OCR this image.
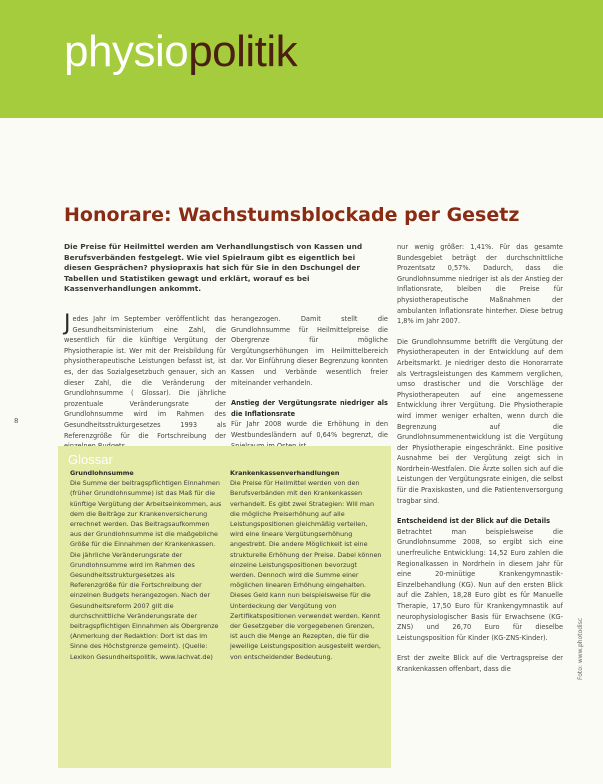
physiopolitik
Honorare: Wachstumsblockade per Gesetz
Die Preise für Heilmittel werden am Verhandlungstisch von Kassen und Berufsverbänden festgelegt. Wie viel Spielraum gibt es eigentlich bei diesen Gesprächen? physiopraxis hat sich für Sie in den Dschungel der Tabellen und Statistiken gewagt und erklärt, worauf es bei Kassenverhandlungen ankommt.
8

Jedes Jahr im September veröffentlicht das Gesundheitsministerium eine Zahl, die wesentlich für die künftige Vergütung der Physiotherapie ist. Wer mit der Preisbildung für physiotherapeutische Leistungen befasst ist, ist es, der das Sozialgesetzbuch genauer, sich an dieser Zahl, die die Veränderung der Grundlohnsumme ( Glossar). Die jährliche prozentuale Veränderungsrate der Grundlohnsumme wird im Rahmen des Gesundheitsstrukturgesetzes 1993 als Referenzgröße für die Fortschreibung der

herangezogen. Damit stellt die Grundlohnsumme für Heilmittelpreise die Obergrenze für mögliche Vergütungserhöhungen im Heilmittelbereich dar. Vor Einführung dieser Begrenzung konnten Kassen und Verbände wesentlich freier miteinander verhandeln.

Anstieg der Vergütungsrate niedriger als die Inflationsrate
Für Jahr 2008 wurde die Erhöhung in den Westbundesländern auf 0,64% begrenzt, die

nur wenig größer: 1,41%. Für das gesamte Bundesgebiet beträgt der durchschnittliche Prozentsatz 0,57%. Dadurch, dass die Grundlohnsumme niedriger ist als der Anstieg der Inflationsrate, bleiben die Preise für physiotherapeutische Maßnahmen der ambulanten Inflationsrate hinterher. Diese betrug 1,8% im Jahr 2007.

Die Grundlohnsumme betrifft die Vergütung der Physiotherapeuten in der Entwicklung auf dem Arbeitsmarkt. Je niedriger desto die Honorarrate als Vertragsleistungen des Kammern verglichen, umso drastischer und die Vorschläge der Physiotherapeuten auf eine angemessene Entwicklung ihrer Vergütung. Die Physiotherapie wird immer weniger erhalten, wenn durch die Begrenzung auf die Grundlohnsummenentwicklung ist die Vergütung der Physiotherapie eingeschränkt. Eine positive Ausnahme bei der Vergütung zeigt sich in Nordrhein-Westfalen. Die Ärzte sollen sich auf die Leistungen der Vergütungsrate einigen, die selbst für die Praxiskosten, und die Patientenversorgung tragbar sind.

Entscheidend ist der Blick auf die Details
Betrachtet man beispielsweise die Grundlohnsumme 2008, so ergibt sich eine unerfreuliche Entwicklung: 14,52 Euro zahlen die Regionalkassen in Nordrhein in diesem Jahr für eine 20-minütige Krankengymnastik-Einzelbehandlung (KG). Nun auf den ersten Blick auf die Zahlen, 18,28 Euro gibt es für Manuelle Therapie, 17,50 Euro für Krankengymnastik auf neurophysiologischer Basis für Erwachsene (KG-ZNS) und 26,70 Euro für dieselbe Leistungsposition für Kinder (KG-ZNS-Kinder).

Erst der zweite Blick auf die Vertragspreise der Krankenkassen offenbart, dass die

Glossar
Grundlohnsumme
Die Summe der beitragspflichtigen Einnahmen (früher Grundlohnsumme) ist das Maß für die künftige Vergütung der Arbeitseinkommen, aus dem die Beiträge zur Krankenversicherung errechnet werden. Das Beitragsaufkommen aus der Grundlohnsumme ist die maßgebliche Größe für die Einnahmen der Krankenkassen. Die jährliche Veränderungsrate der Grundlohnsumme wird im Rahmen des Gesundheitsstrukturgesetzes als Referenzgröße für die Fortschreibung der einzelnen Budgets herangezogen. Nach der Gesundheitsreform 2007 gilt die durchschnittliche Veränderungsrate der beitragspflichtigen Einnahmen als Obergrenze (Anmerkung der Redaktion: Dort ist das im Sinne des Höchstgrenze gemeint). (Quelle: Lexikon Gesundheitspolitik, www.lachvat.de)
Krankenkassenverhandlungen
Die Preise für Heilmittel werden von den Berufsverbänden mit den Krankenkassen verhandelt. Es gibt zwei Strategien: Will man die mögliche Preiserhöhung auf alle Leistungspositionen gleichmäßig verteilen, wird eine lineare Vergütungserhöhung angestrebt. Die andere Möglichkeit ist eine strukturelle Erhöhung der Preise. Dabei können einzelne Leistungspositionen bevorzugt werden. Dennoch wird die Summe einer möglichen linearen Erhöhung eingehalten. Dieses Geld kann nun beispielsweise für die Unterdeckung der Vergütung von Zertifikatspositionen verwendet werden. Kennt der Gesetzgeber die vorgegebenen Grenzen, ist auch die Menge an Rezepten, die für die jeweilige Leistungsposition ausgestellt werden, von entscheidender Bedeutung.	Foto: www.photodisc
